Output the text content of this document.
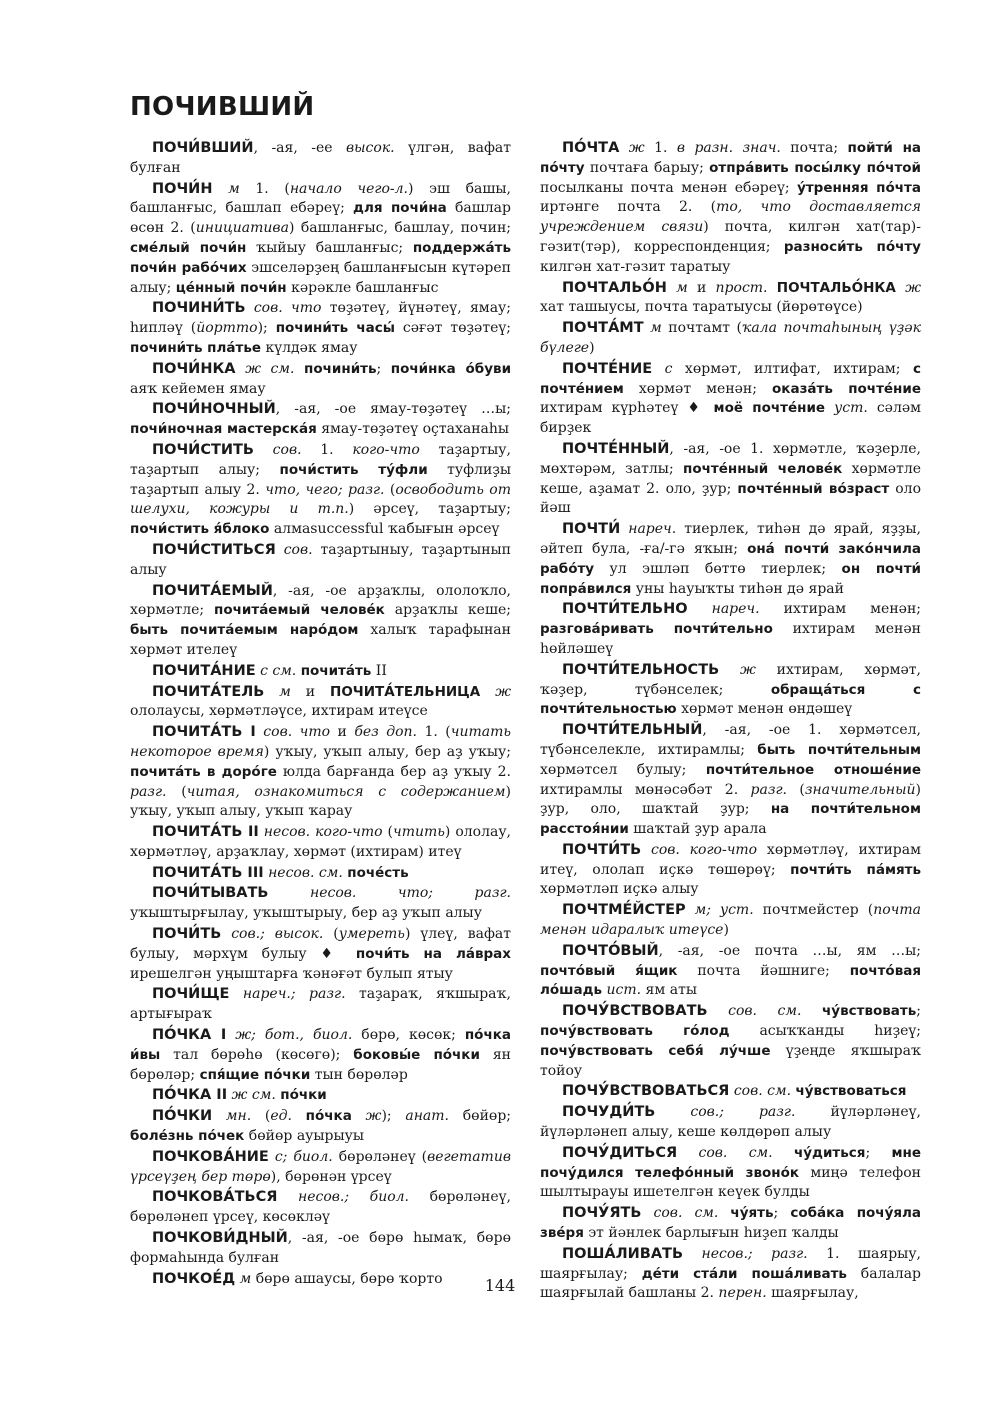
ПОЧИВШИЙ

ПОЧИ́ВШИЙ, -ая, -ее высок. үлгән, вафат булған

ПОЧИ́Н м 1. (начало чего-л.) эш башы, башланғыс, башлап ебәреү; для почи́на башлар өсөн 2. (инициатива) башланғыс, башлау, почин; сме́лый почи́н ҡыйыу башланғыс; поддержа́ть почи́н рабо́чих эшселәрҙең башланғысын күтәреп алыу; це́нный почи́н кәрәкле башланғыс

ПОЧИНИ́ТЬ сов. что төҙәтеү, йүнәтеү, ямау; һиплəү (йортто); почини́ть часы́ сәғәт төҙәтеү; почини́ть пла́тье күлдәк ямау

ПОЧИ́НКА ж см. почини́ть; почи́нка о́буви аяҡ кейемен ямау

ПОЧИ́НОЧНЫЙ, -ая, -ое ямау-төҙәтеү …ы; почи́ночная мастерска́я ямау-төҙәтеү оҫтаханаһы

ПОЧИ́СТИТЬ сов. 1. кого-что таҙартыу, таҙартып алыу; почи́стить ту́фли туфлиҙы таҙартып алыу 2. что, чего; разг. (освободить от шелухи, кожуры и т.п.) әрсеү, таҙартыу; почи́стить я́блоко алмаsuccessful ҡабығын әрсеү

ПОЧИ́СТИТЬСЯ сов. таҙартыныу, таҙартынып алыу

ПОЧИТА́ЕМЫЙ, -ая, -ое арҙаҡлы, ололоҡло, хөрмәтле; почита́емый челове́к арҙаҡлы кеше; быть почита́емым наро́дом халыҡ тарафынан хөрмәт ителеү

ПОЧИТА́НИЕ с см. почита́ть II

ПОЧИТА́ТЕЛЬ м и ПОЧИТА́ТЕЛЬНИЦА ж ололаусы, хөрмәтләүсе, ихтирам итеүсе

ПОЧИТА́ТЬ I сов. что и без доп. 1. (читать некоторое время) уҡыу, уҡып алыу, бер аҙ уҡыу; почита́ть в доро́ге юлда барғанда бер аҙ уҡыу 2. разг. (читая, ознакомиться с содержанием) уҡыу, уҡып алыу, уҡып ҡарау

ПОЧИТА́ТЬ II несов. кого-что (чтить) ололау, хөрмәтләү, арҙаҡлау, хөрмәт (ихтирам) итеү

ПОЧИТА́ТЬ III несов. см. поче́сть

ПОЧИ́ТЫВАТЬ	несов. что; разг. уҡыштырғылау, уҡыштырыу, бер аҙ уҡып алыу

ПОЧИ́ТЬ сов.; высок. (умереть) үлеү, вафат булыу, мәрхүм булыу ♦ почи́ть на ла́врах ирешелгән уңыштарға ҡәнәғәт булып ятыу

ПОЧИ́ЩЕ нареч.; разг. таҙараҡ, яҡшыраҡ, артығыраҡ

ПО́ЧКА I ж; бот., биол. бөрө, көсөк; по́чка и́вы тал бөрөһө (көсөгө); боковы́е по́чки ян бөрөләр; спя́щие по́чки тын бөрөләр

ПО́ЧКА II ж см. по́чки

ПО́ЧКИ мн. (ед. по́чка ж); анат. бөйөр; боле́знь по́чек бөйөр ауырыуы

ПОЧКОВА́НИЕ с; биол. бөрөләнеү (вегетатив үрсеүҙең бер төрө), бөрөнән үрсеү

ПОЧКОВА́ТЬСЯ несов.; биол. бөрөләнеү, бөрөләнеп үрсеү, көсөкләү

ПОЧКОВИ́ДНЫЙ, -ая, -ое бөрө һымаҡ, бөрө формаһында булған

ПОЧКОЕ́Д м бөрө ашаусы, бөрө ҡорто

ПО́ЧТА ж 1. в разн. знач. почта; пойти́ на по́чту почтаға барыу; отпра́вить посы́лку по́чтой посылканы почта менән ебәреү; у́тренняя по́чта иртәнге почта 2. (то, что доставляется учреждением связи) почта, килгән хат(тар)-гәзит(тәр), корреспонденция; разноси́ть по́чту килгән хат-гәзит таратыу

ПОЧТАЛЬО́Н м и прост. ПОЧТАЛЬО́НКА ж хат ташыусы, почта таратыусы (йөрөтөүсе)

ПОЧТА́МТ м почтамт (ҡала почтаһының үҙәк бүлеге)

ПОЧТЕ́НИЕ с хөрмәт, илтифат, ихтирам; с почте́нием хөрмәт менән; оказа́ть почте́ние ихтирам күрһәтеү ♦ моё почте́ние уст. сәләм бирҙек

ПОЧТЕ́ННЫЙ, -ая, -ое 1. хөрмәтле, ҡәҙерле, мөхтәрәм, затлы; почте́нный челове́к хөрмәтле кеше, аҙамат 2. оло, ҙур; почте́нный во́зраст оло йәш

ПОЧТИ́ нареч. тиерлек, тиһән дә ярай, яҙҙы, әйтеп була, -ға/-гә яҡын; она́ почти́ зако́нчила рабо́ту ул эшләп бөттө тиерлек; он почти́ попра́вился уны һауыҡты тиһән дә ярай

ПОЧТИ́ТЕЛЬНО нареч. ихтирам менән; разгова́ривать почти́тельно ихтирам менән һөйләшеү

ПОЧТИ́ТЕЛЬНОСТЬ ж ихтирам, хөрмәт, ҡәҙер, түбәнселек; обраща́ться с почти́тельностью хөрмәт менән өндәшеү

ПОЧТИ́ТЕЛЬНЫЙ, -ая, -ое 1. хөрмәтсел, түбәнселекле, ихтирамлы; быть почти́тельным хөрмәтсел булыу; почти́тельное отноше́ние ихтирамлы мөнәсәбәт 2. разг. (значительный) ҙур, оло, шаҡтай ҙур; на почти́тельном расстоя́нии шаҡтай ҙур арала

ПОЧТИ́ТЬ сов. кого-что хөрмәтләү, ихтирам итеү, ололап иҫкә төшөрөү; почти́ть па́мять хөрмәтләп иҫкә алыу

ПОЧТМЕ́ЙСТЕР м; уст. почтмейстер (почта менән идаралыҡ итеүсе)

ПОЧТО́ВЫЙ, -ая, -ое почта …ы, ям …ы; почто́вый я́щик почта йәшниге; почто́вая ло́шадь ист. ям аты

ПОЧУ́ВСТВОВАТЬ сов. см. чу́вствовать; почу́вствовать го́лод асыҡҡанды һиҙеү; почу́вствовать себя́ лу́чше үҙеңде яҡшыраҡ тойоу

ПОЧУ́ВСТВОВАТЬСЯ сов. см. чу́вствоваться

ПОЧУДИ́ТЬ	сов.; разг. йүләрләнеү, йүләрләнеп алыу, кеше көлдөрөп алыу

ПОЧУ́ДИТЬСЯ сов. см. чу́диться; мне почу́дился телефо́нный звоно́к миңә телефон шылтырауы ишетелгән кеүек булды

ПОЧУ́ЯТЬ сов. см. чу́ять; соба́ка почу́яла зве́ря эт йәнлек барлығын һиҙеп ҡалды

ПОША́ЛИВАТЬ несов.; разг. 1. шаярыу, шаярғылау; де́ти ста́ли поша́ливать балалар шаярғылай башланы 2. перен. шаярғылау,

144
